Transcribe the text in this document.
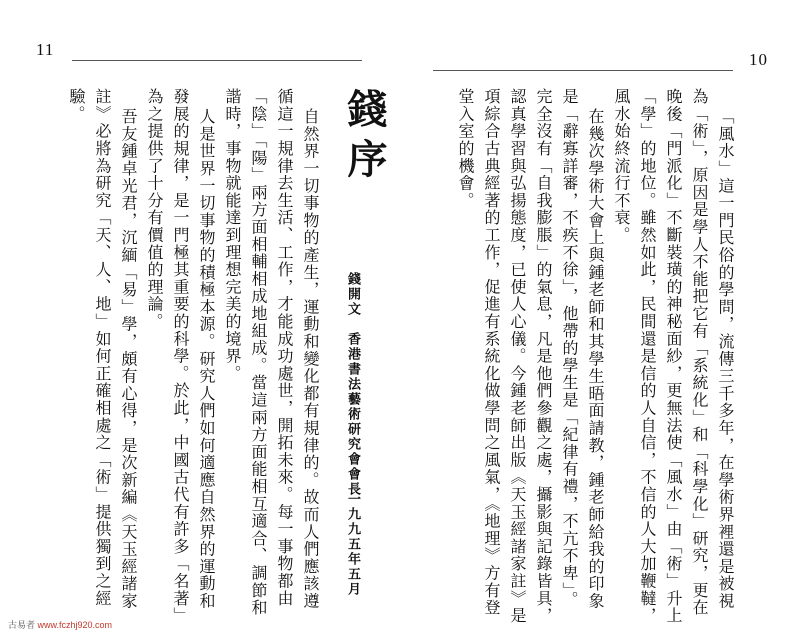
11
錢序
錢開文　香港書法藝術研究會會長
一九九五年五月
自然界一切事物的產生，運動和變化都有規律的。故而人們應該遵
循這一規律去生活、工作，才能成功處世，開拓未來。每一事物都由
「陰」「陽」兩方面相輔相成地組成。當這兩方面能相互適合、調節和
諧時，事物就能達到理想完美的境界。
人是世界一切事物的積極本源。研究人們如何適應自然界的運動和
發展的規律，是一門極其重要的科學。於此，中國古代有許多「名著」
為之提供了十分有價值的理論。
吾友鍾卓光君，沉緬「易」學，頗有心得，是次新編《天玉經諸家
註》必將為研究「天、人、地」如何正確相處之「術」提供獨到之經
驗。
10
「風水」這一門民俗的學問，流傳三千多年，在學術界裡還是被視
為「術」，原因是學人不能把它有「系統化」和「科學化」研究，更在
晚後「門派化」不斷裝璜的神秘面紗，更無法使「風水」由「術」升上
「學」的地位。雖然如此，民間還是信的人自信，不信的人大加鞭韃，
風水始終流行不衰。
在幾次學術大會上與鍾老師和其學生晤面請教，鍾老師給我的印象
是「辭寡詳審，不疾不徐」，他帶的學生是「紀律有禮，不亢不卑」。
完全沒有「自我膨脹」的氣息，凡是他們參觀之處，攝影與記錄皆具，
認真學習與弘揚態度，已使人心儀。今鍾老師出版《天玉經諸家註》是
項綜合古典經著的工作，促進有系統化做學問之風氣，《地理》方有登
堂入室的機會。
古易者 www.fczhj920.com
